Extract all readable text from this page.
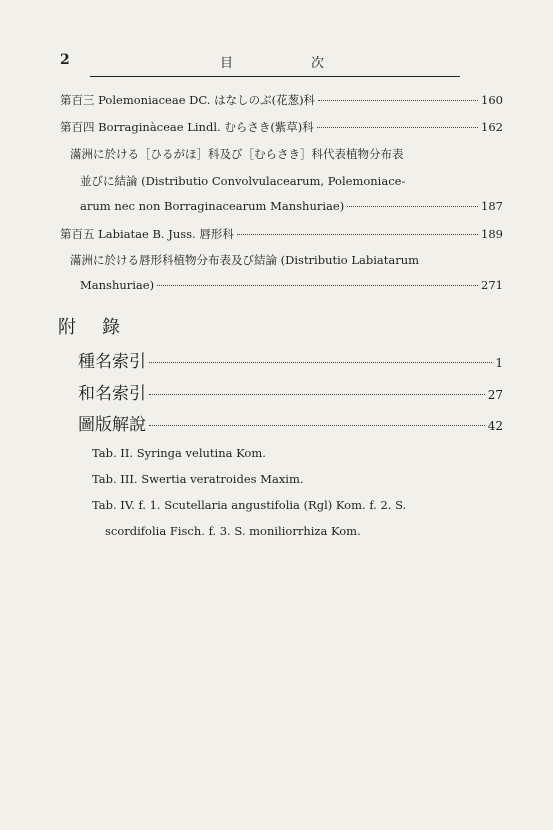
2	目次
第百三 Polemoniaceae DC. はなしのぶ(花葱)科	160
第百四 Borraginàceae Lindl. むらさき(紫草)科	162
滿洲に於ける［ひるがほ］科及び［むらさき］科代表植物分布表
並びに結論 (Distributio Convolvulacearum, Polemoniace-
arum nec non Borraginacearum Manshuriae)	187
第百五 Labiatae B. Juss. 唇形科	189
滿洲に於ける唇形科植物分布表及び結論 (Distributio Labiatarum
Manshuriae)	271
附錄
種名索引	1
和名索引	27
圖版解說	42
Tab. II. Syringa velutina Kom.
Tab. III. Swertia veratroides Maxim.
Tab. IV. f. 1. Scutellaria angustifolia (Rgl) Kom. f. 2. S.
scordifolia Fisch. f. 3. S. moniliorrhiza Kom.
